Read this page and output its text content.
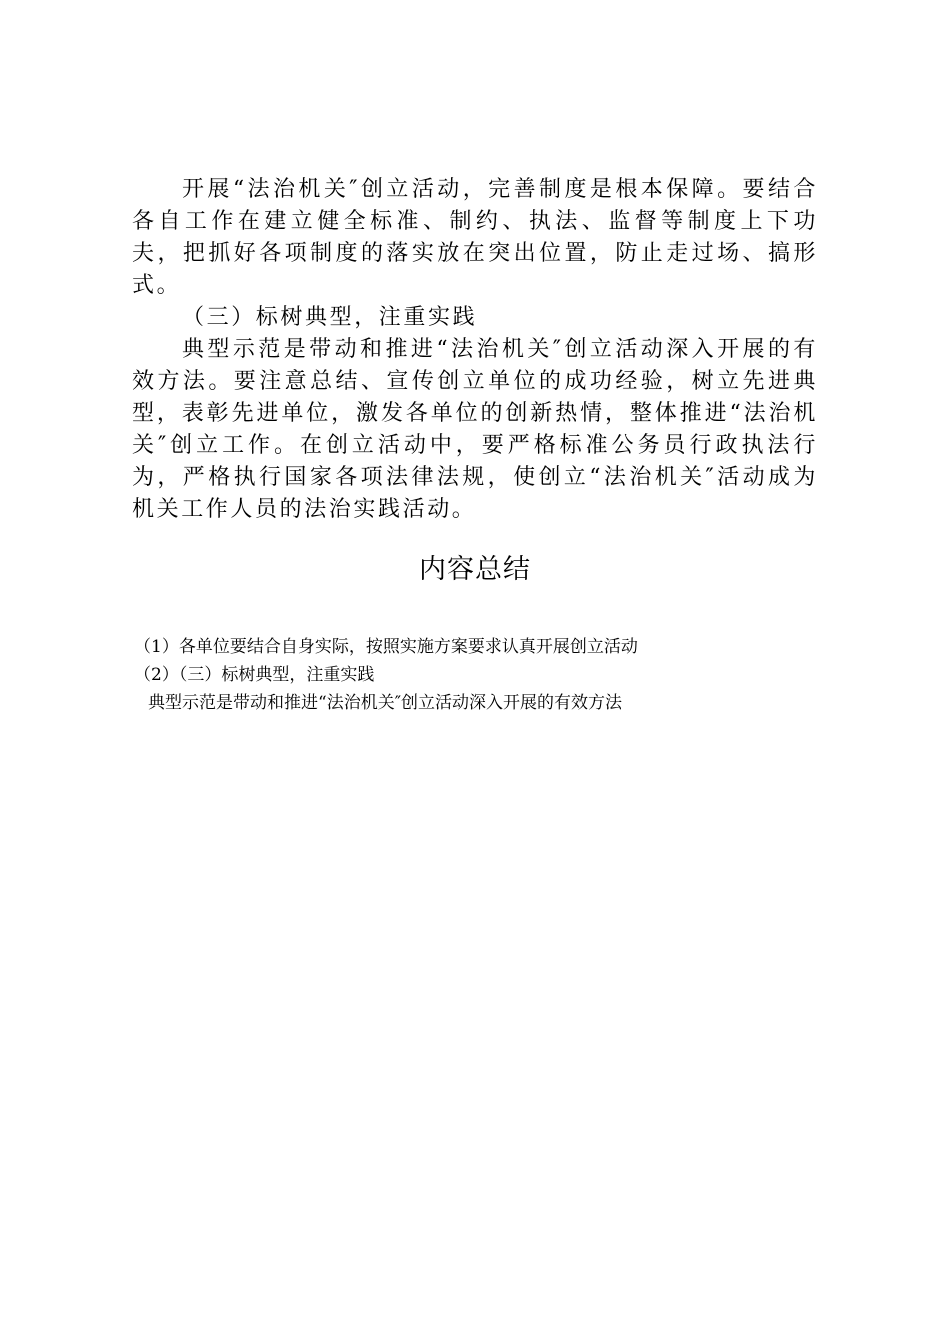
开展“法治机关″创立活动，完善制度是根本保障。要结合各自工作在建立健全标准、制约、执法、监督等制度上下功夫，把抓好各项制度的落实放在突出位置，防止走过场、搞形式。

（三）标树典型，注重实践

典型示范是带动和推进“法治机关″创立活动深入开展的有效方法。要注意总结、宣传创立单位的成功经验，树立先进典型，表彰先进单位，激发各单位的创新热情，整体推进“法治机关″创立工作。在创立活动中，要严格标准公务员行政执法行为，严格执行国家各项法律法规，使创立“法治机关″活动成为机关工作人员的法治实践活动。

内容总结
（1）各单位要结合自身实际，按照实施方案要求认真开展创立活动
（2）（三）标树典型，注重实践
典型示范是带动和推进“法治机关″创立活动深入开展的有效方法
